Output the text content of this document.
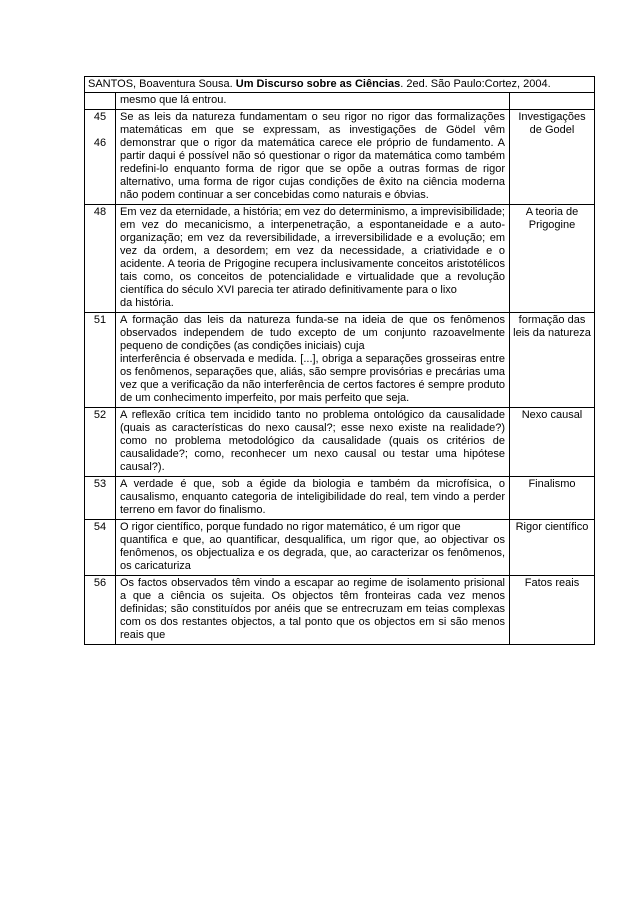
SANTOS, Boaventura Sousa. Um Discurso sobre as Ciências. 2ed. São Paulo:Cortez, 2004.

	mesmo que lá entrou.	

45
46	Se as leis da natureza fundamentam o seu rigor no rigor das formalizações matemáticas em que se expressam, as investigações de Gödel vêm demonstrar que o rigor da matemática carece ele próprio de fundamento. A partir daqui é possível não só questionar o rigor da matemática como também redefini-lo enquanto forma de rigor que se opõe a outras formas de rigor alternativo, uma forma de rigor cujas condições de êxito na ciência moderna não podem continuar a ser concebidas como naturais e óbvias.	Investigações de Godel

48	Em vez da eternidade, a história; em vez do determinismo, a imprevisibilidade; em vez do mecanicismo, a interpenetração, a espontaneidade e a auto-organização; em vez da reversibilidade, a irreversibilidade e a evolução; em vez da ordem, a desordem; em vez da necessidade, a criatividade e o acidente. A teoria de Prigogine recupera inclusivamente conceitos aristotélicos tais como, os conceitos de potencialidade e virtualidade que a revolução científica do século XVI parecia ter atirado definitivamente para o lixo
da história.	A teoria de Prigogine

51	A formação das leis da natureza funda-se na ideia de que os fenômenos observados independem de tudo excepto de um conjunto razoavelmente pequeno de condições (as condições iniciais) cuja
interferência é observada e medida. [...], obriga a separações grosseiras entre os fenômenos, separações que, aliás, são sempre provisórias e precárias uma vez que a verificação da não interferência de certos factores é sempre produto de um conhecimento imperfeito, por mais perfeito que seja.	formação das leis da natureza

52	A reflexão crítica tem incidido tanto no problema ontológico da causalidade (quais as características do nexo causal?; esse nexo existe na realidade?) como no problema metodológico da causalidade (quais os critérios de causalidade?; como, reconhecer um nexo causal ou testar uma hipótese causal?).	Nexo causal

53	A verdade é que, sob a égide da biologia e também da microfísica, o causalismo, enquanto categoria de inteligibilidade do real, tem vindo a perder terreno em favor do finalismo.	Finalismo

54	O rigor científico, porque fundado no rigor matemático, é um rigor que
quantifica e que, ao quantificar, desqualifica, um rigor que, ao objectivar os fenômenos, os objectualiza e os degrada, que, ao caracterizar os fenômenos, os caricaturiza	Rigor científico

56	Os factos observados têm vindo a escapar ao regime de isolamento prisional a que a ciência os sujeita. Os objectos têm fronteiras cada vez menos definidas; são constituídos por anéis que se entrecruzam em teias complexas com os dos restantes objectos, a tal ponto que os objectos em si são menos reais que	Fatos reais
